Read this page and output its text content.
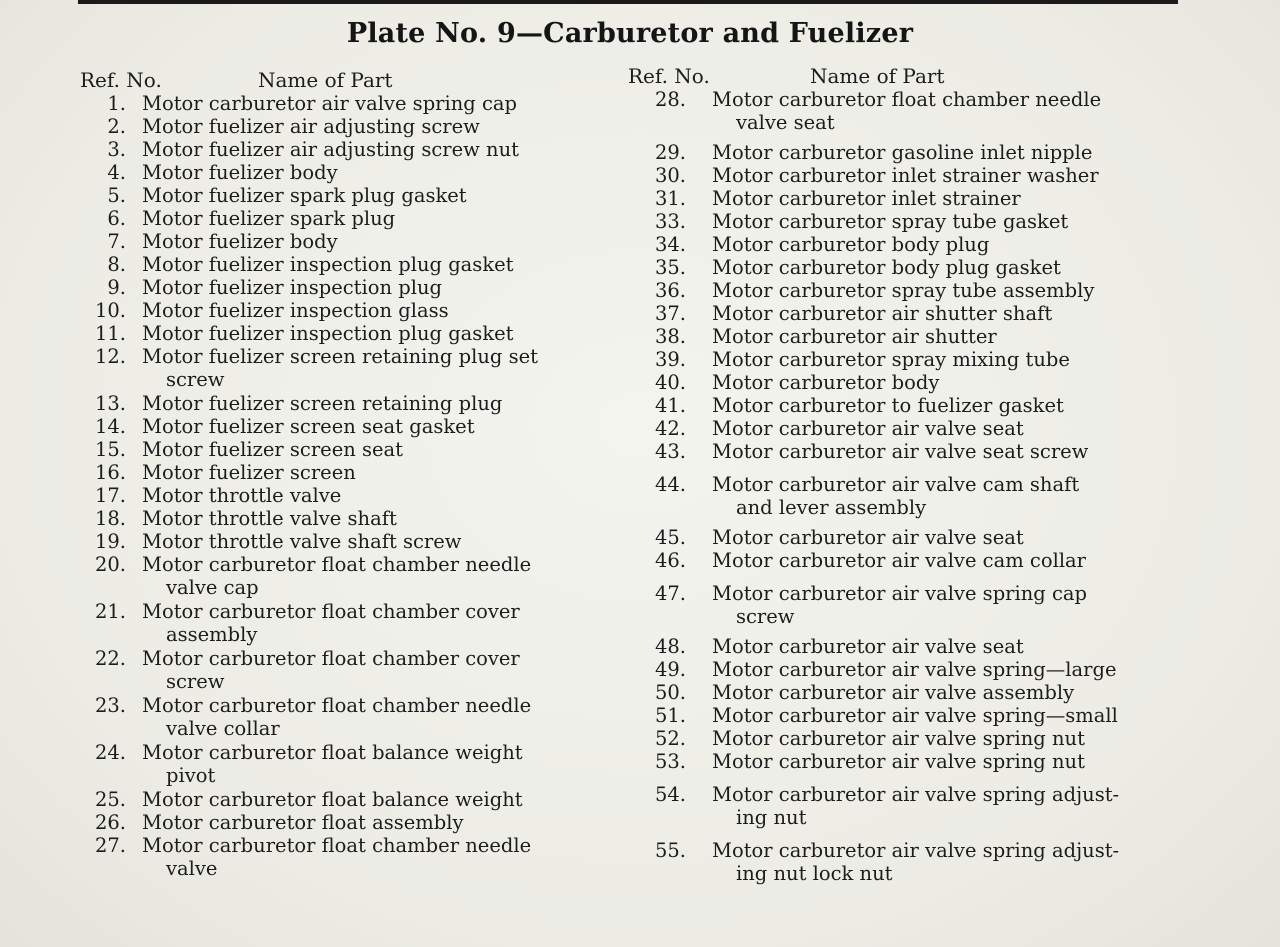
Plate No. 9—Carburetor and Fuelizer
Ref. No.	Name of Part
1. Motor carburetor air valve spring cap
2. Motor fuelizer air adjusting screw
3. Motor fuelizer air adjusting screw nut
4. Motor fuelizer body
5. Motor fuelizer spark plug gasket
6. Motor fuelizer spark plug
7. Motor fuelizer body
8. Motor fuelizer inspection plug gasket
9. Motor fuelizer inspection plug
10. Motor fuelizer inspection glass
11. Motor fuelizer inspection plug gasket
12. Motor fuelizer screen retaining plug set
screw
13. Motor fuelizer screen retaining plug
14. Motor fuelizer screen seat gasket
15. Motor fuelizer screen seat
16. Motor fuelizer screen
17. Motor throttle valve
18. Motor throttle valve shaft
19. Motor throttle valve shaft screw
20. Motor carburetor float chamber needle
valve cap
21. Motor carburetor float chamber cover
assembly
22. Motor carburetor float chamber cover
screw
23. Motor carburetor float chamber needle
valve collar
24. Motor carburetor float balance weight
pivot
25. Motor carburetor float balance weight
26. Motor carburetor float assembly
27. Motor carburetor float chamber needle
valve
Ref. No.	Name of Part
28. Motor carburetor float chamber needle
valve seat
29. Motor carburetor gasoline inlet nipple
30. Motor carburetor inlet strainer washer
31. Motor carburetor inlet strainer
33. Motor carburetor spray tube gasket
34. Motor carburetor body plug
35. Motor carburetor body plug gasket
36. Motor carburetor spray tube assembly
37. Motor carburetor air shutter shaft
38. Motor carburetor air shutter
39. Motor carburetor spray mixing tube
40. Motor carburetor body
41. Motor carburetor to fuelizer gasket
42. Motor carburetor air valve seat
43. Motor carburetor air valve seat screw
44. Motor carburetor air valve cam shaft
and lever assembly
45. Motor carburetor air valve seat
46. Motor carburetor air valve cam collar
47. Motor carburetor air valve spring cap
screw
48. Motor carburetor air valve seat
49. Motor carburetor air valve spring—large
50. Motor carburetor air valve assembly
51. Motor carburetor air valve spring—small
52. Motor carburetor air valve spring nut
53. Motor carburetor air valve spring nut
54. Motor carburetor air valve spring adjust-
ing nut
55. Motor carburetor air valve spring adjust-
ing nut lock nut
